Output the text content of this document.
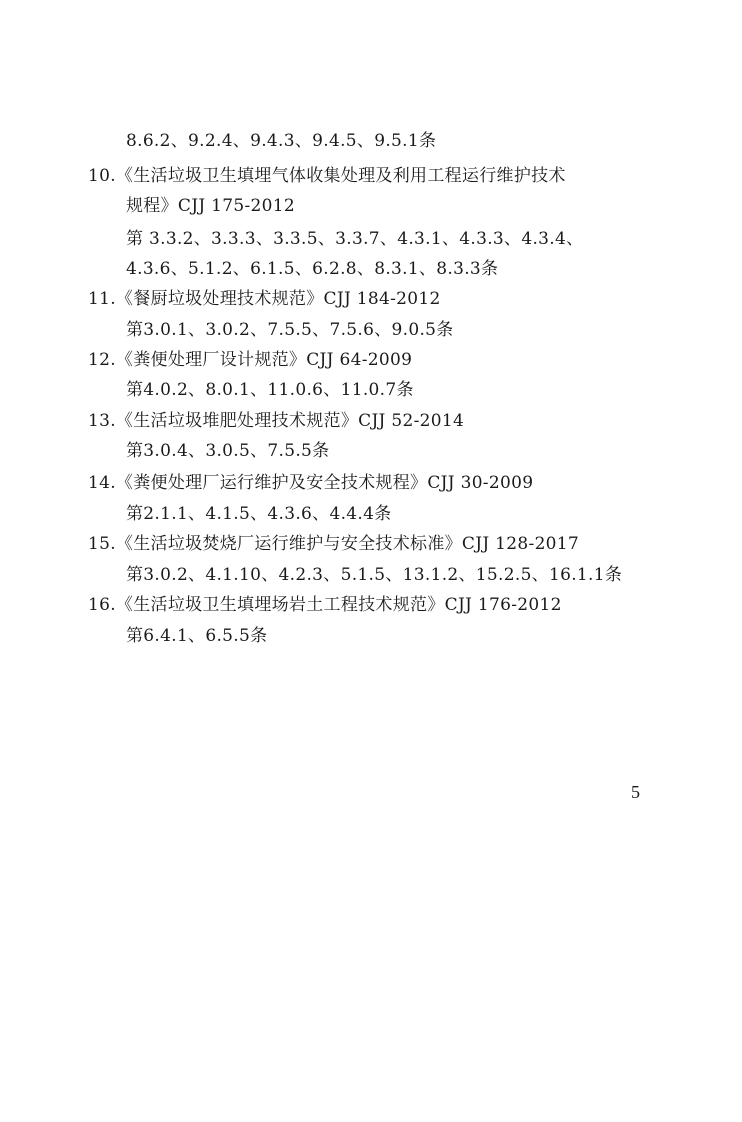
8.6.2、9.2.4、9.4.3、9.4.5、9.5.1条
10.《生活垃圾卫生填埋气体收集处理及利用工程运行维护技术
规程》CJJ 175-2012
第 3.3.2、3.3.3、3.3.5、3.3.7、4.3.1、4.3.3、4.3.4、
4.3.6、5.1.2、6.1.5、6.2.8、8.3.1、8.3.3条
11.《餐厨垃圾处理技术规范》CJJ 184-2012
第3.0.1、3.0.2、7.5.5、7.5.6、9.0.5条
12.《粪便处理厂设计规范》CJJ 64-2009
第4.0.2、8.0.1、11.0.6、11.0.7条
13.《生活垃圾堆肥处理技术规范》CJJ 52-2014
第3.0.4、3.0.5、7.5.5条
14.《粪便处理厂运行维护及安全技术规程》CJJ 30-2009
第2.1.1、4.1.5、4.3.6、4.4.4条
15.《生活垃圾焚烧厂运行维护与安全技术标准》CJJ 128-2017
第3.0.2、4.1.10、4.2.3、5.1.5、13.1.2、15.2.5、16.1.1条
16.《生活垃圾卫生填埋场岩土工程技术规范》CJJ 176-2012
第6.4.1、6.5.5条
5
